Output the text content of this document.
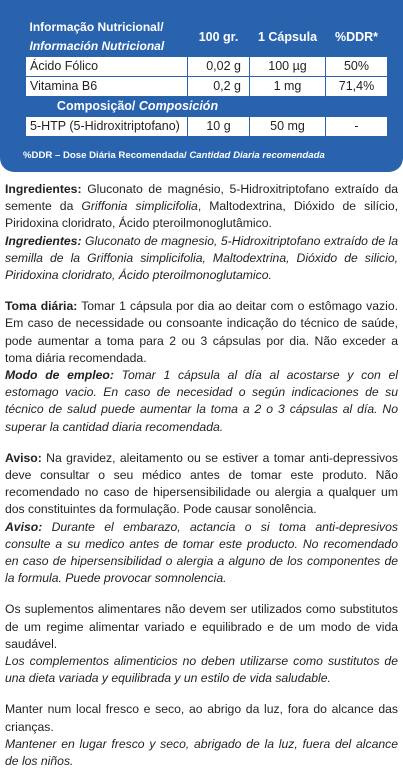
Informação Nutricional/
Información Nutricional	100 gr.	1 Cápsula	%DDR*
Ácido Fólico	0,02 g	100 µg	50%
Vitamina B6	0,2 g	1 mg	71,4%
Composição/ Composición			
5-HTP (5-Hidroxitriptofano)	10 g	50 mg	-
%DDR – Dose Diária Recomendada/ Cantidad Diaria recomendada

Ingredientes: Gluconato de magnésio, 5-Hidroxitriptofano extraído da semente da Griffonia simplicifolia, Maltodextrina, Dióxido de silício, Piridoxina cloridrato, Ácido pteroilmonoglutâmico.
Ingredientes: Gluconato de magnesio, 5-Hidroxitriptofano extraído de la semilla de la Griffonia simplicifolia, Maltodextrina, Dióxido de silicio, Piridoxina cloridrato, Ácido pteroilmonoglutamico.

Toma diária: Tomar 1 cápsula por dia ao deitar com o estômago vazio. Em caso de necessidade ou consoante indicação do técnico de saúde, pode aumentar a toma para 2 ou 3 cápsulas por dia. Não exceder a toma diária recomendada.
Modo de empleo: Tomar 1 cápsula al día al acostarse y con el estomago vacio. En caso de necesidad o según indicaciones de su técnico de salud puede aumentar la toma a 2 o 3 cápsulas al día. No superar la cantidad diaria recomendada.

Aviso: Na gravidez, aleitamento ou se estiver a tomar anti-depressivos deve consultar o seu médico antes de tomar este produto. Não recomendado no caso de hipersensibilidade ou alergia a qualquer um dos constituintes da formulação. Pode causar sonolência.
Aviso: Durante el embarazo, actancia o si toma anti-depresivos consulte a su medico antes de tomar este producto. No recomendado en caso de hipersensibilidad o alergia a alguno de los componentes de la formula. Puede provocar somnolencia.

Os suplementos alimentares não devem ser utilizados como substitutos de um regime alimentar variado e equilibrado e de um modo de vida saudável.
Los complementos alimenticios no deben utilizarse como sustitutos de una dieta variada y equilibrada y un estilo de vida saludable.

Manter num local fresco e seco, ao abrigo da luz, fora do alcance das crianças.
Mantener en lugar fresco y seco, abrigado de la luz, fuera del alcance de los niños.
